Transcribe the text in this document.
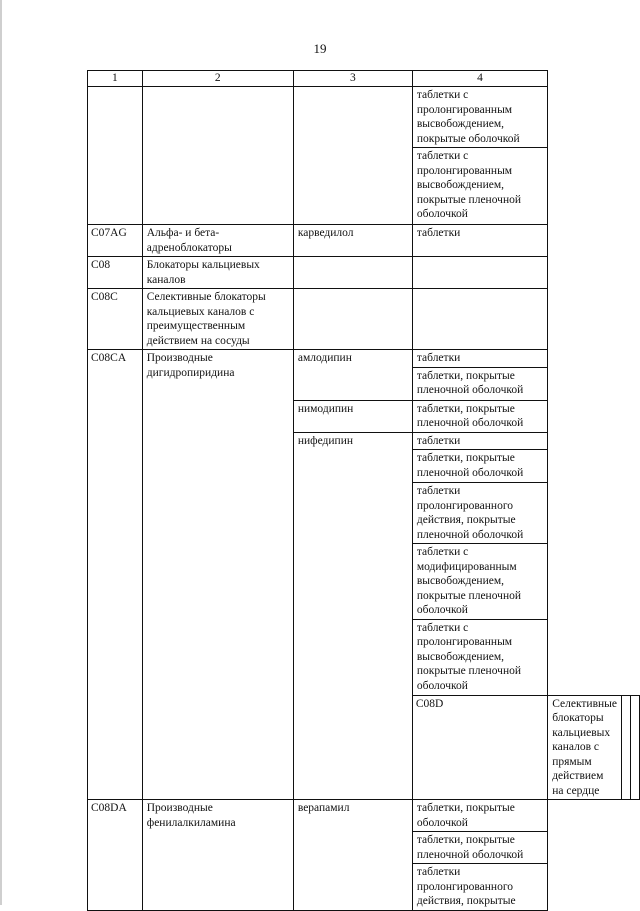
19
1	2	3	4			
			таблетки с пролонгированным высвобождением, покрытые оболочкой			
			таблетки с пролонгированным высвобождением, покрытые пленочной оболочкой			
C07AG	Альфа- и бета-адреноблокаторы	карведилол	таблетки			
C08	Блокаторы кальциевых каналов					
C08C	Селективные блокаторы кальциевых каналов с преимущественным действием на сосуды					
C08CA	Производные дигидропиридина	амлодипин	таблетки			
			таблетки, покрытые пленочной оболочкой			
		нимодипин	таблетки, покрытые пленочной оболочкой			
		нифедипин	таблетки			
			таблетки, покрытые пленочной оболочкой			
			таблетки пролонгированного действия, покрытые пленочной оболочкой			
			таблетки с модифицированным высвобождением, покрытые пленочной оболочкой			
			таблетки с пролонгированным высвобождением, покрытые пленочной оболочкой			
			C08D	Селективные блокаторы кальциевых каналов с прямым действием на сердце		
C08DA	Производные фенилалкиламина	верапамил	таблетки, покрытые оболочкой			
			таблетки, покрытые пленочной оболочкой			
			таблетки пролонгированного действия, покрытые			
